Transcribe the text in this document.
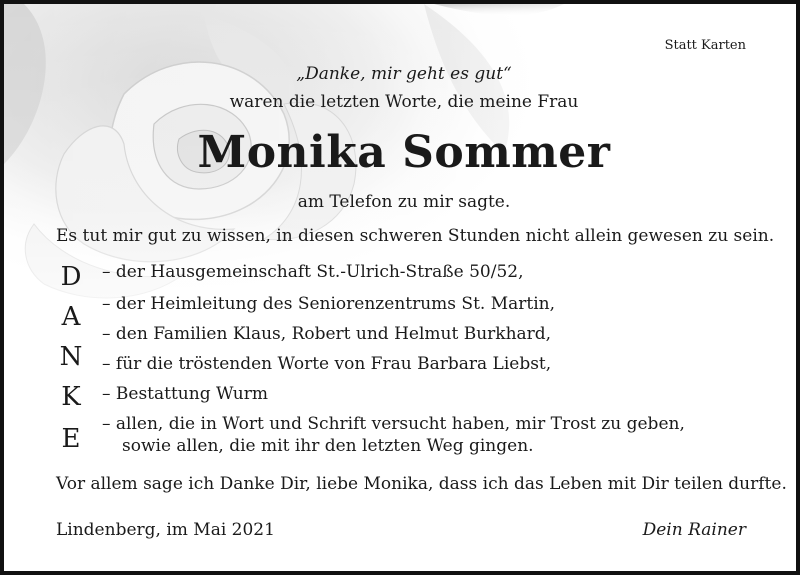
Statt Karten
„Danke, mir geht es gut“
waren die letzten Worte, die meine Frau
Monika Sommer
am Telefon zu mir sagte.
Es tut mir gut zu wissen, in diesen schweren Stunden nicht allein gewesen zu sein.
D
A
N
K
E
– der Hausgemeinschaft St.-Ulrich-Straße 50/52,
– der Heimleitung des Seniorenzentrums St. Martin,
– den Familien Klaus, Robert und Helmut Burkhard,
– für die tröstenden Worte von Frau Barbara Liebst,
– Bestattung Wurm
– allen, die in Wort und Schrift versucht haben, mir Trost zu geben,
sowie allen, die mit ihr den letzten Weg gingen.
Vor allem sage ich Danke Dir, liebe Monika, dass ich das Leben mit Dir teilen durfte.
Lindenberg, im Mai 2021	Dein Rainer
